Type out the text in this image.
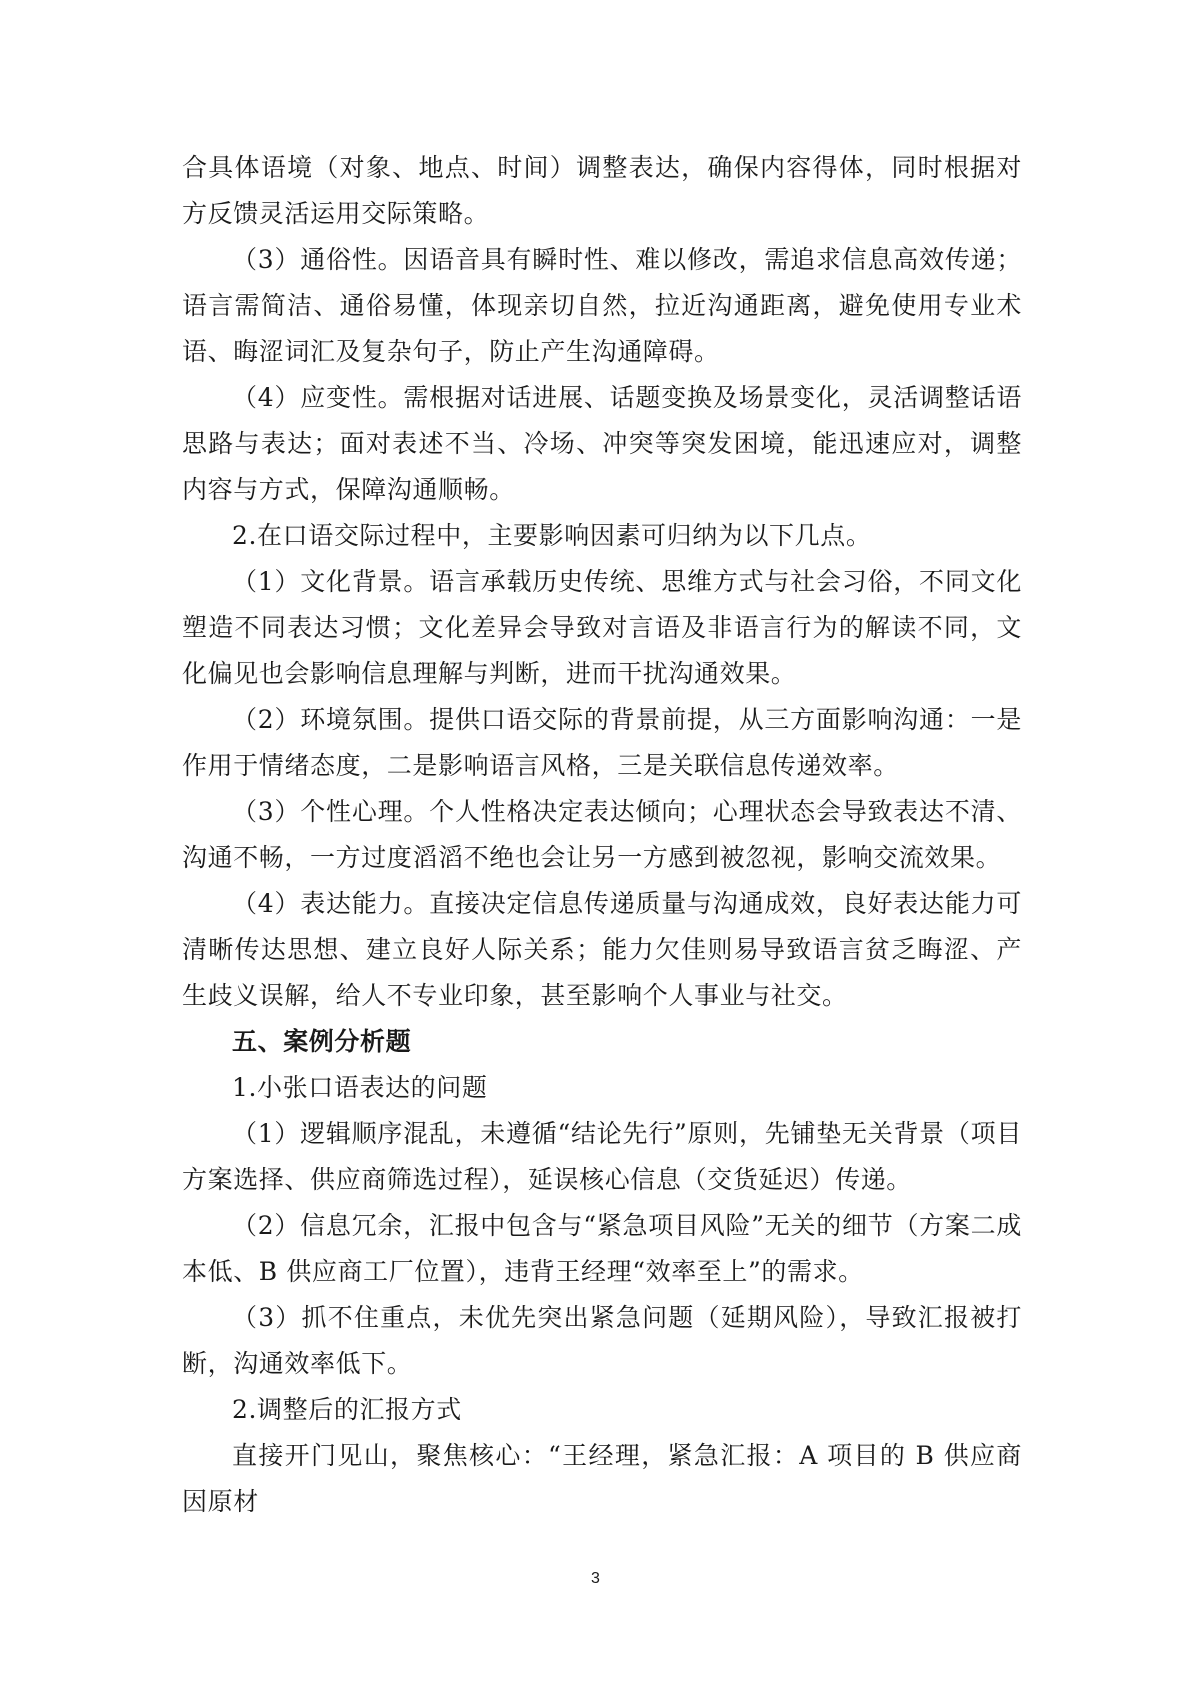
合具体语境（对象、地点、时间）调整表达，确保内容得体，同时根据对方反馈灵活运用交际策略。

（3）通俗性。因语音具有瞬时性、难以修改，需追求信息高效传递；语言需简洁、通俗易懂，体现亲切自然，拉近沟通距离，避免使用专业术语、晦涩词汇及复杂句子，防止产生沟通障碍。

（4）应变性。需根据对话进展、话题变换及场景变化，灵活调整话语思路与表达；面对表述不当、冷场、冲突等突发困境，能迅速应对，调整内容与方式，保障沟通顺畅。

2.在口语交际过程中，主要影响因素可归纳为以下几点。

（1）文化背景。语言承载历史传统、思维方式与社会习俗，不同文化塑造不同表达习惯；文化差异会导致对言语及非语言行为的解读不同，文化偏见也会影响信息理解与判断，进而干扰沟通效果。

（2）环境氛围。提供口语交际的背景前提，从三方面影响沟通：一是作用于情绪态度，二是影响语言风格，三是关联信息传递效率。

（3）个性心理。个人性格决定表达倾向；心理状态会导致表达不清、沟通不畅，一方过度滔滔不绝也会让另一方感到被忽视，影响交流效果。

（4）表达能力。直接决定信息传递质量与沟通成效，良好表达能力可清晰传达思想、建立良好人际关系；能力欠佳则易导致语言贫乏晦涩、产生歧义误解，给人不专业印象，甚至影响个人事业与社交。

五、案例分析题

1.小张口语表达的问题

（1）逻辑顺序混乱，未遵循“结论先行”原则，先铺垫无关背景（项目方案选择、供应商筛选过程），延误核心信息（交货延迟）传递。

（2）信息冗余，汇报中包含与“紧急项目风险”无关的细节（方案二成本低、B 供应商工厂位置），违背王经理“效率至上”的需求。

（3）抓不住重点，未优先突出紧急问题（延期风险），导致汇报被打断，沟通效率低下。

2.调整后的汇报方式

直接开门见山，聚焦核心：“王经理，紧急汇报：A 项目的 B 供应商因原材

3
